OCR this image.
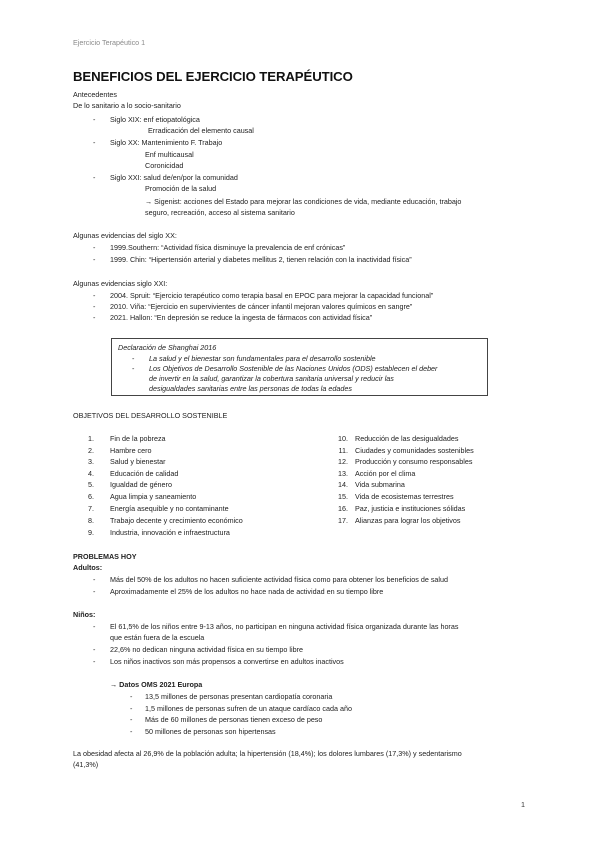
Ejercicio Terapéutico 1
BENEFICIOS DEL EJERCICIO TERAPÉUTICO
Antecedentes
De lo sanitario a lo socio-sanitario
- Siglo XIX: enf etiopatológica
Erradicación del elemento causal
- Siglo XX: Mantenimiento F. Trabajo
Enf multicausal
Coronicidad
- Siglo XXI: salud de/en/por la comunidad
Promoción de la salud
→ Sigenist: acciones del Estado para mejorar las condiciones de vida, mediante educación, trabajo
seguro, recreación, acceso al sistema sanitario
Algunas evidencias del siglo XX:
- 1999.Southern: “Actividad física disminuye la prevalencia de enf crónicas”
- 1999. Chin: “Hipertensión arterial y diabetes mellitus 2, tienen relación con la inactividad física”
Algunas evidencias siglo XXI:
- 2004. Spruit: “Ejercicio terapéutico como terapia basal en EPOC para mejorar la capacidad funcional”
- 2010. Viña: “Ejercicio en supervivientes de cáncer infantil mejoran valores químicos en sangre”
- 2021. Hallon: “En depresión se reduce la ingesta de fármacos con actividad física”
Declaración de Shanghai 2016
- La salud y el bienestar son fundamentales para el desarrollo sostenible
- Los Objetivos de Desarrollo Sostenible de las Naciones Unidos (ODS) establecen el deber
de invertir en la salud, garantizar la cobertura sanitaria universal y reducir las
desigualdades sanitarias entre las personas de todas la edades
OBJETIVOS DEL DESARROLLO SOSTENIBLE
1. Fin de la pobreza
2. Hambre cero
3. Salud y bienestar
4. Educación de calidad
5. Igualdad de género
6. Agua limpia y saneamiento
7. Energía asequible y no contaminante
8. Trabajo decente y crecimiento económico
9. Industria, innovación e infraestructura
10. Reducción de las desigualdades
11. Ciudades y comunidades sostenibles
12. Producción y consumo responsables
13. Acción por el clima
14. Vida submarina
15. Vida de ecosistemas terrestres
16. Paz, justicia e instituciones sólidas
17. Alianzas para lograr los objetivos
PROBLEMAS HOY
Adultos:
- Más del 50% de los adultos no hacen suficiente actividad física como para obtener los beneficios de salud
- Aproximadamente el 25% de los adultos no hace nada de actividad en su tiempo libre
Niños:
- El 61,5% de los niños entre 9-13 años, no participan en ninguna actividad física organizada durante las horas
que están fuera de la escuela
- 22,6% no dedican ninguna actividad física en su tiempo libre
- Los niños inactivos son más propensos a convertirse en adultos inactivos
→ Datos OMS 2021 Europa
- 13,5 millones de personas presentan cardiopatía coronaria
- 1,5 millones de personas sufren de un ataque cardíaco cada año
- Más de 60 millones de personas tienen exceso de peso
- 50 millones de personas son hipertensas
La obesidad afecta al 26,9% de la población adulta; la hipertensión (18,4%); los dolores lumbares (17,3%) y sedentarismo
(41,3%)
1
